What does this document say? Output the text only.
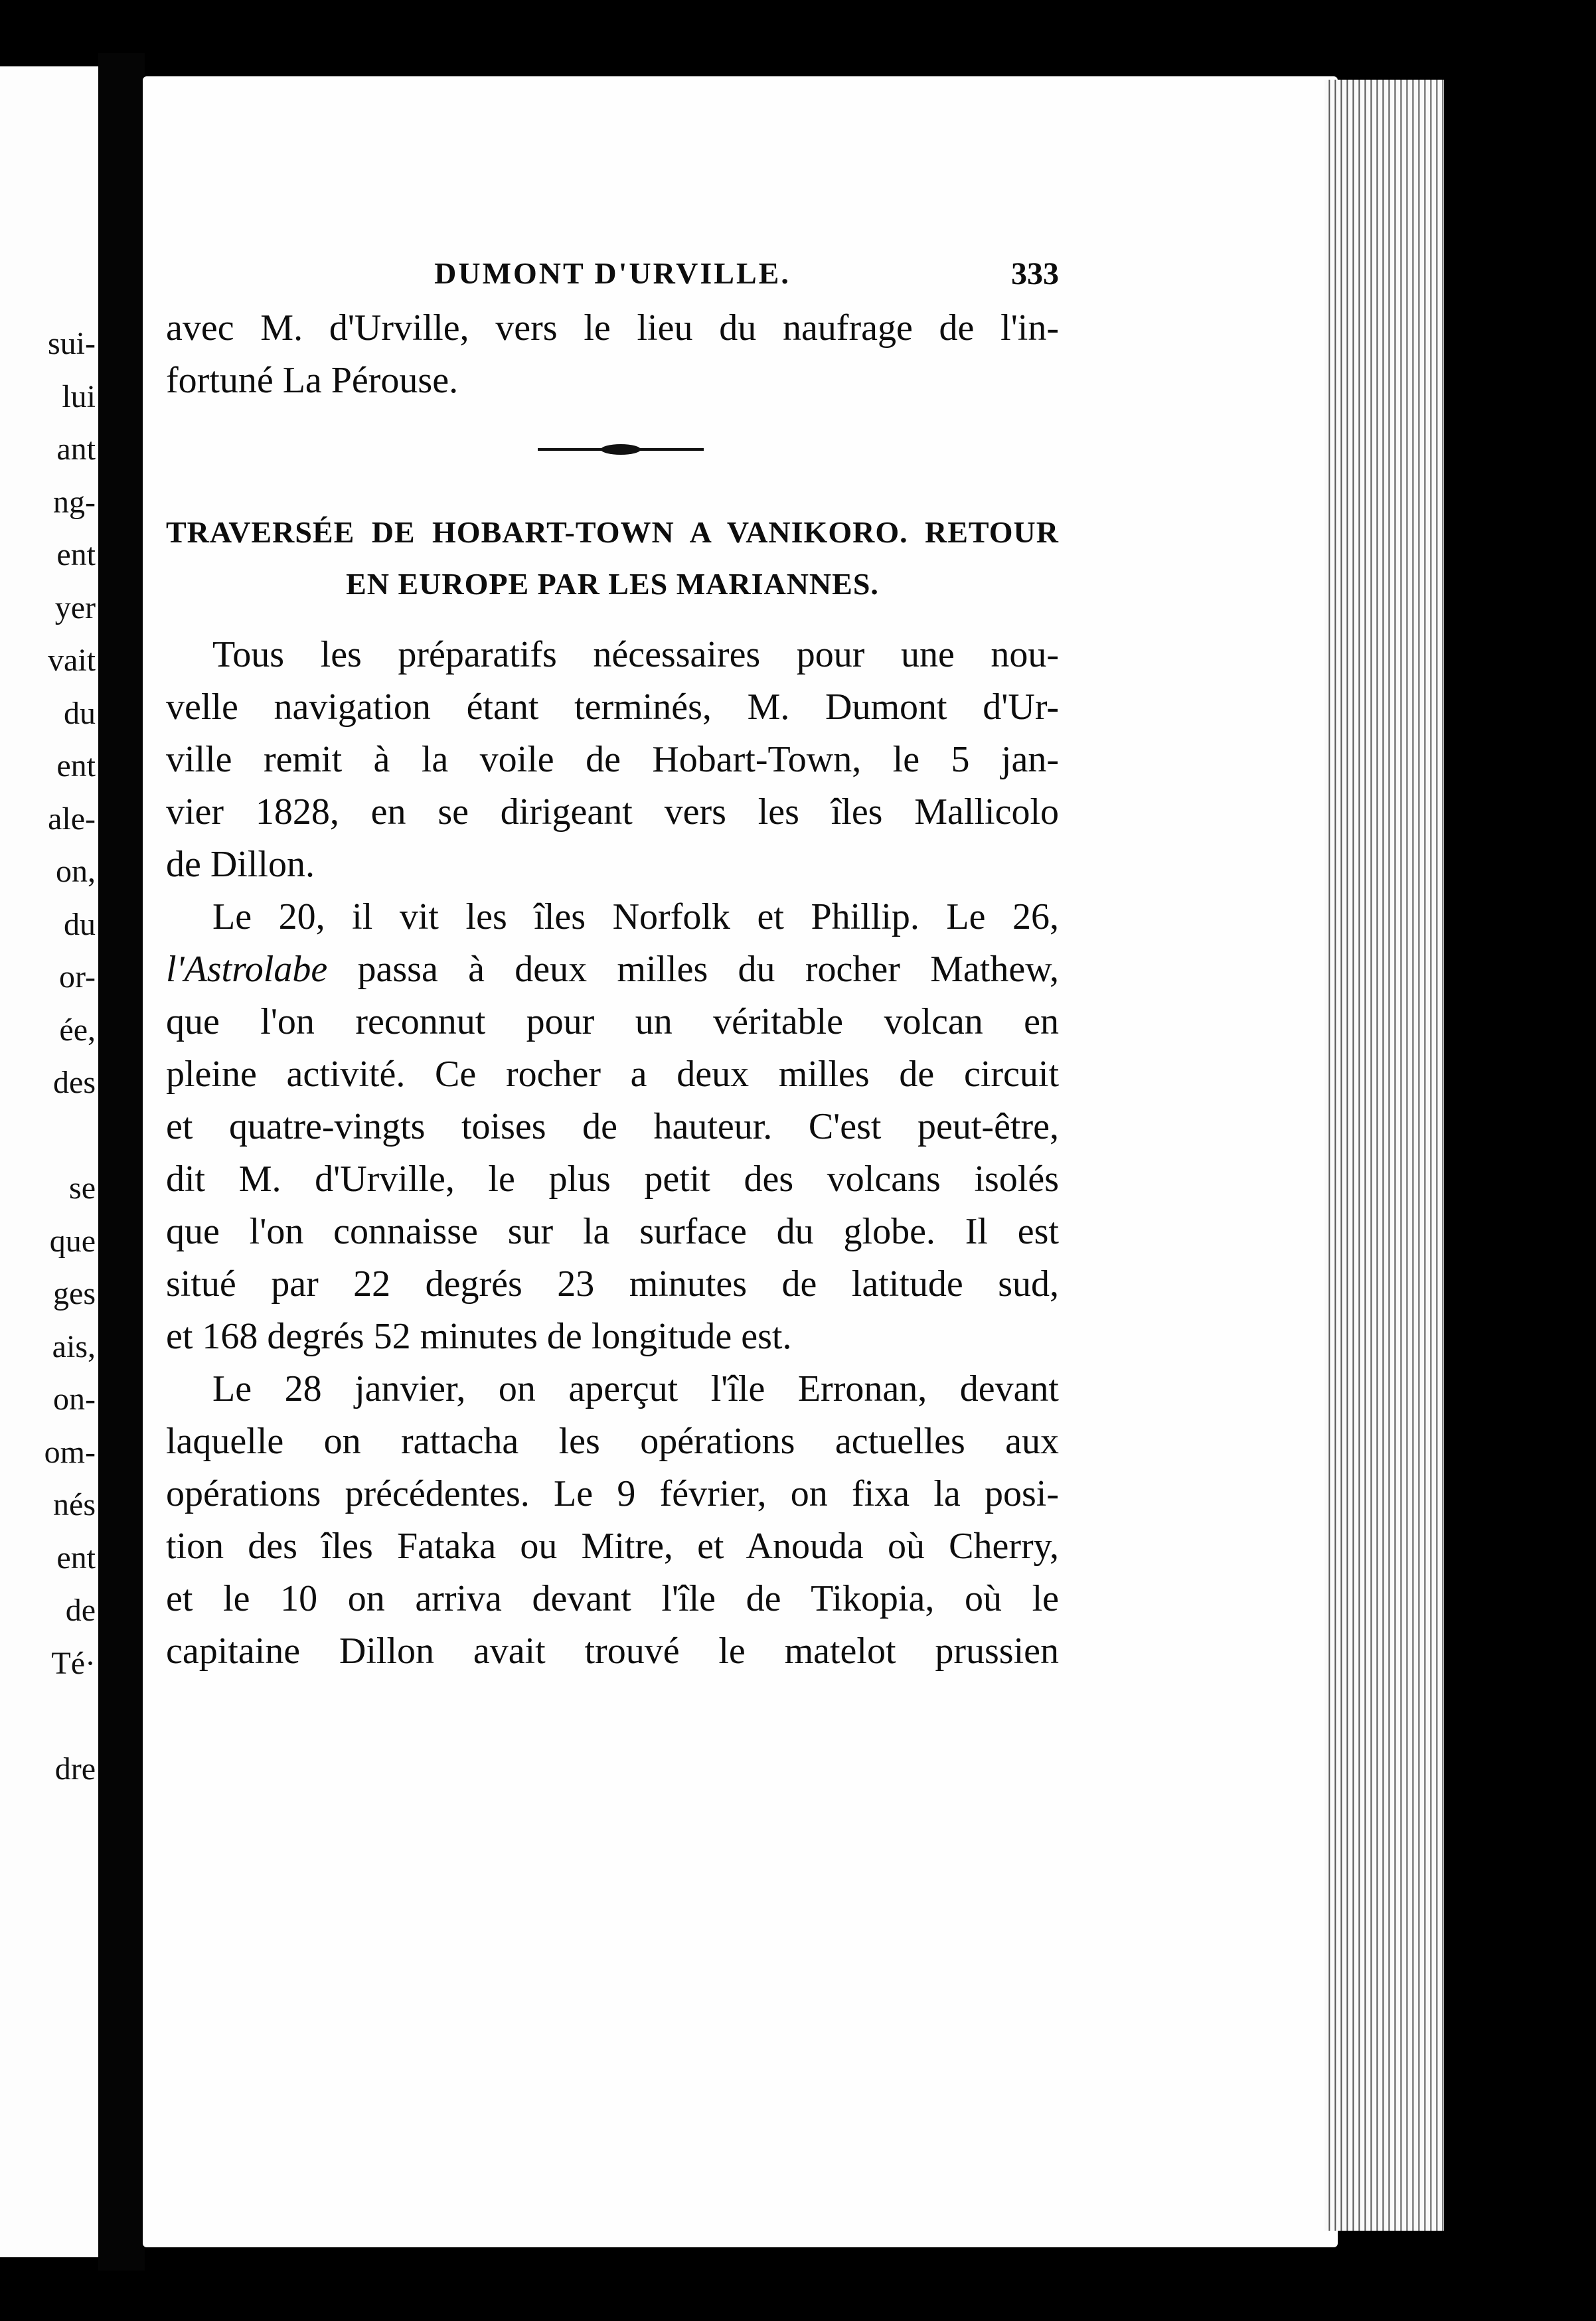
sui-
lui
ant
ng-
ent
yer
vait
du
ent
ale-
on,
du
or-
ée,
des
se
que
ges
ais,
on-
om-
nés
ent
de
Té·
dre
DUMONT D'URVILLE.	333
avec M. d'Urville, vers le lieu du naufrage de l'in-
fortuné La Pérouse.
TRAVERSÉE DE HOBART-TOWN A VANIKORO. RETOUR
EN EUROPE PAR LES MARIANNES.
Tous les préparatifs nécessaires pour une nou-
velle navigation étant terminés, M. Dumont d'Ur-
ville remit à la voile de Hobart-Town, le 5 jan-
vier 1828, en se dirigeant vers les îles Mallicolo
de Dillon.
Le 20, il vit les îles Norfolk et Phillip. Le 26,
l'Astrolabe passa à deux milles du rocher Mathew,
que l'on reconnut pour un véritable volcan en
pleine activité. Ce rocher a deux milles de circuit
et quatre-vingts toises de hauteur. C'est peut-être,
dit M. d'Urville, le plus petit des volcans isolés
que l'on connaisse sur la surface du globe. Il est
situé par 22 degrés 23 minutes de latitude sud,
et 168 degrés 52 minutes de longitude est.
Le 28 janvier, on aperçut l'île Erronan, devant
laquelle on rattacha les opérations actuelles aux
opérations précédentes. Le 9 février, on fixa la posi-
tion des îles Fataka ou Mitre, et Anouda où Cherry,
et le 10 on arriva devant l'île de Tikopia, où le
capitaine Dillon avait trouvé le matelot prussien
